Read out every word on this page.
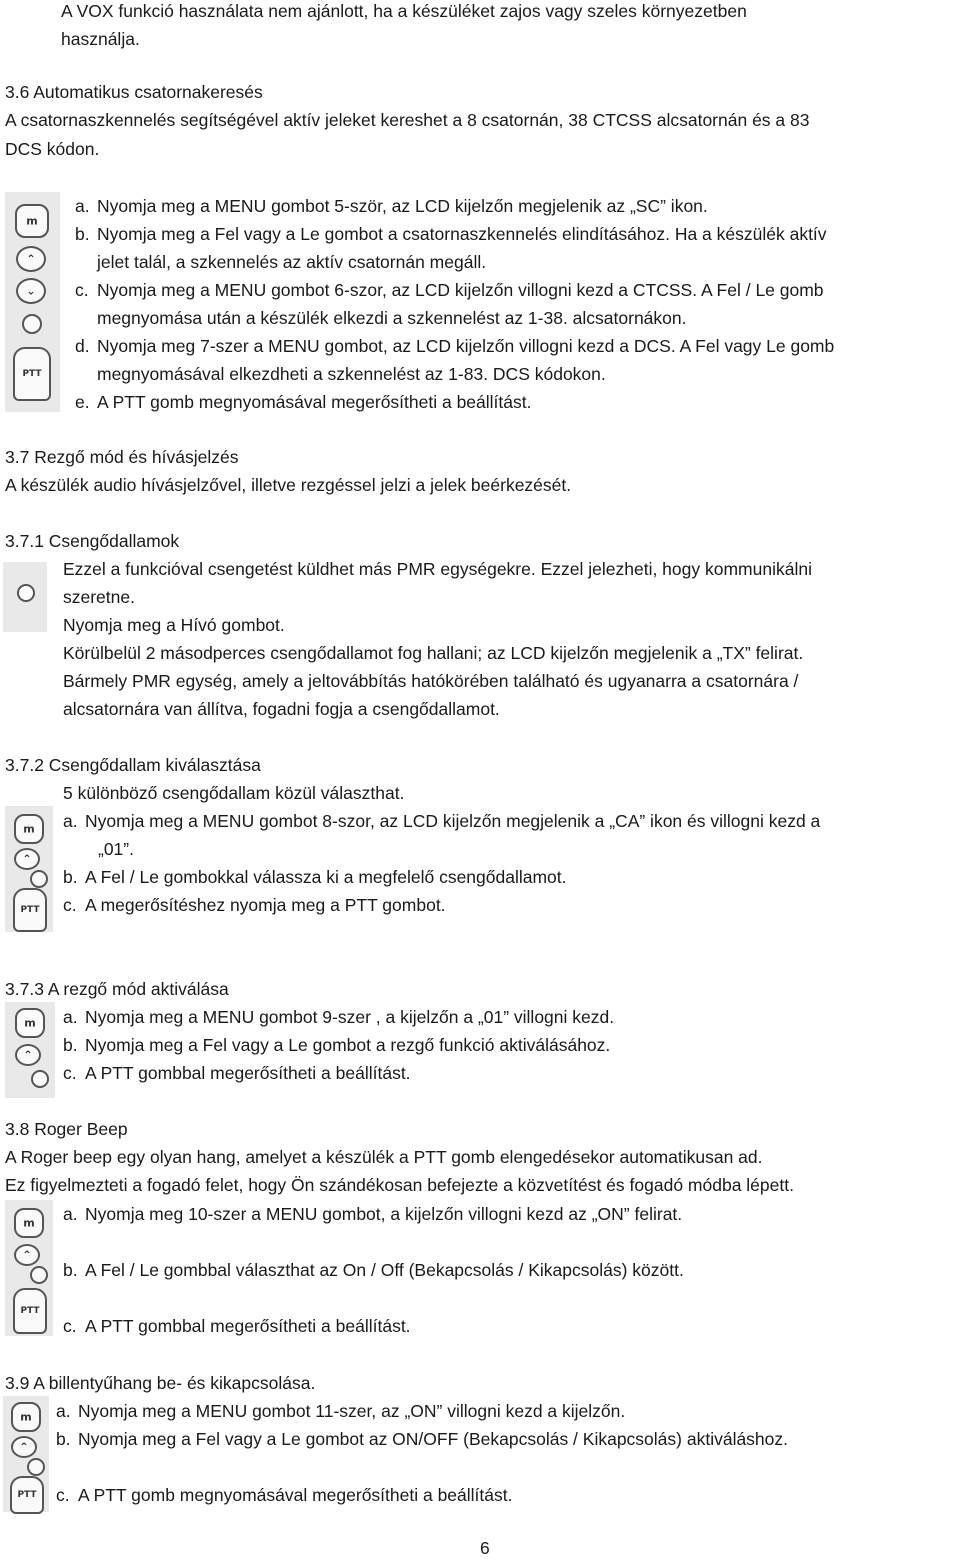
A VOX funkció használata nem ajánlott, ha a készüléket zajos vagy szeles környezetben
használja.
3.6 Automatikus csatornakeresés
A csatornaszkennelés segítségével aktív jeleket kereshet a 8 csatornán, 38 CTCSS alcsatornán és a 83
DCS kódon.
m
⌃
⌄
PTT
a. Nyomja meg a MENU gombot 5-ször, az LCD kijelzőn megjelenik az „SC” ikon.
b. Nyomja meg a Fel vagy a Le gombot a csatornaszkennelés elindításához. Ha a készülék aktív
jelet talál, a szkennelés az aktív csatornán megáll.
c. Nyomja meg a MENU gombot 6-szor, az LCD kijelzőn villogni kezd a CTCSS. A Fel / Le gomb
megnyomása után a készülék elkezdi a szkennelést az 1-38. alcsatornákon.
d. Nyomja meg 7-szer a MENU gombot, az LCD kijelzőn villogni kezd a DCS. A Fel vagy Le gomb
megnyomásával elkezdheti a szkennelést az 1-83. DCS kódokon.
e. A PTT gomb megnyomásával megerősítheti a beállítást.
3.7 Rezgő mód és hívásjelzés
A készülék audio hívásjelzővel, illetve rezgéssel jelzi a jelek beérkezését.
3.7.1 Csengődallamok
Ezzel a funkcióval csengetést küldhet más PMR egységekre. Ezzel jelezheti, hogy kommunikálni
szeretne.
Nyomja meg a Hívó gombot.
Körülbelül 2 másodperces csengődallamot fog hallani; az LCD kijelzőn megjelenik a „TX” felirat.
Bármely PMR egység, amely a jeltovábbítás hatókörében található és ugyanarra a csatornára /
alcsatornára van állítva, fogadni fogja a csengődallamot.
3.7.2 Csengődallam kiválasztása
5 különböző csengődallam közül választhat.
m
⌃
PTT
a. Nyomja meg a MENU gombot 8-szor, az LCD kijelzőn megjelenik a „CA” ikon és villogni kezd a
„01”.
b. A Fel / Le gombokkal válassza ki a megfelelő csengődallamot.
c. A megerősítéshez nyomja meg a PTT gombot.
3.7.3 A rezgő mód aktiválása
m
⌃
a. Nyomja meg a MENU gombot 9-szer , a kijelzőn a „01” villogni kezd.
b. Nyomja meg a Fel vagy a Le gombot a rezgő funkció aktiválásához.
c. A PTT gombbal megerősítheti a beállítást.
3.8 Roger Beep
A Roger beep egy olyan hang, amelyet a készülék a PTT gomb elengedésekor automatikusan ad.
Ez figyelmezteti a fogadó felet, hogy Ön szándékosan befejezte a közvetítést és fogadó módba lépett.
m
⌃
PTT
a. Nyomja meg 10-szer a MENU gombot, a kijelzőn villogni kezd az „ON” felirat.
b. A Fel / Le gombbal választhat az On / Off (Bekapcsolás / Kikapcsolás) között.
c. A PTT gombbal megerősítheti a beállítást.
3.9 A billentyűhang be- és kikapcsolása.
m
⌃
PTT
a. Nyomja meg a MENU gombot 11-szer, az „ON” villogni kezd a kijelzőn.
b. Nyomja meg a Fel vagy a Le gombot az ON/OFF (Bekapcsolás / Kikapcsolás) aktiváláshoz.
c. A PTT gomb megnyomásával megerősítheti a beállítást.
6
